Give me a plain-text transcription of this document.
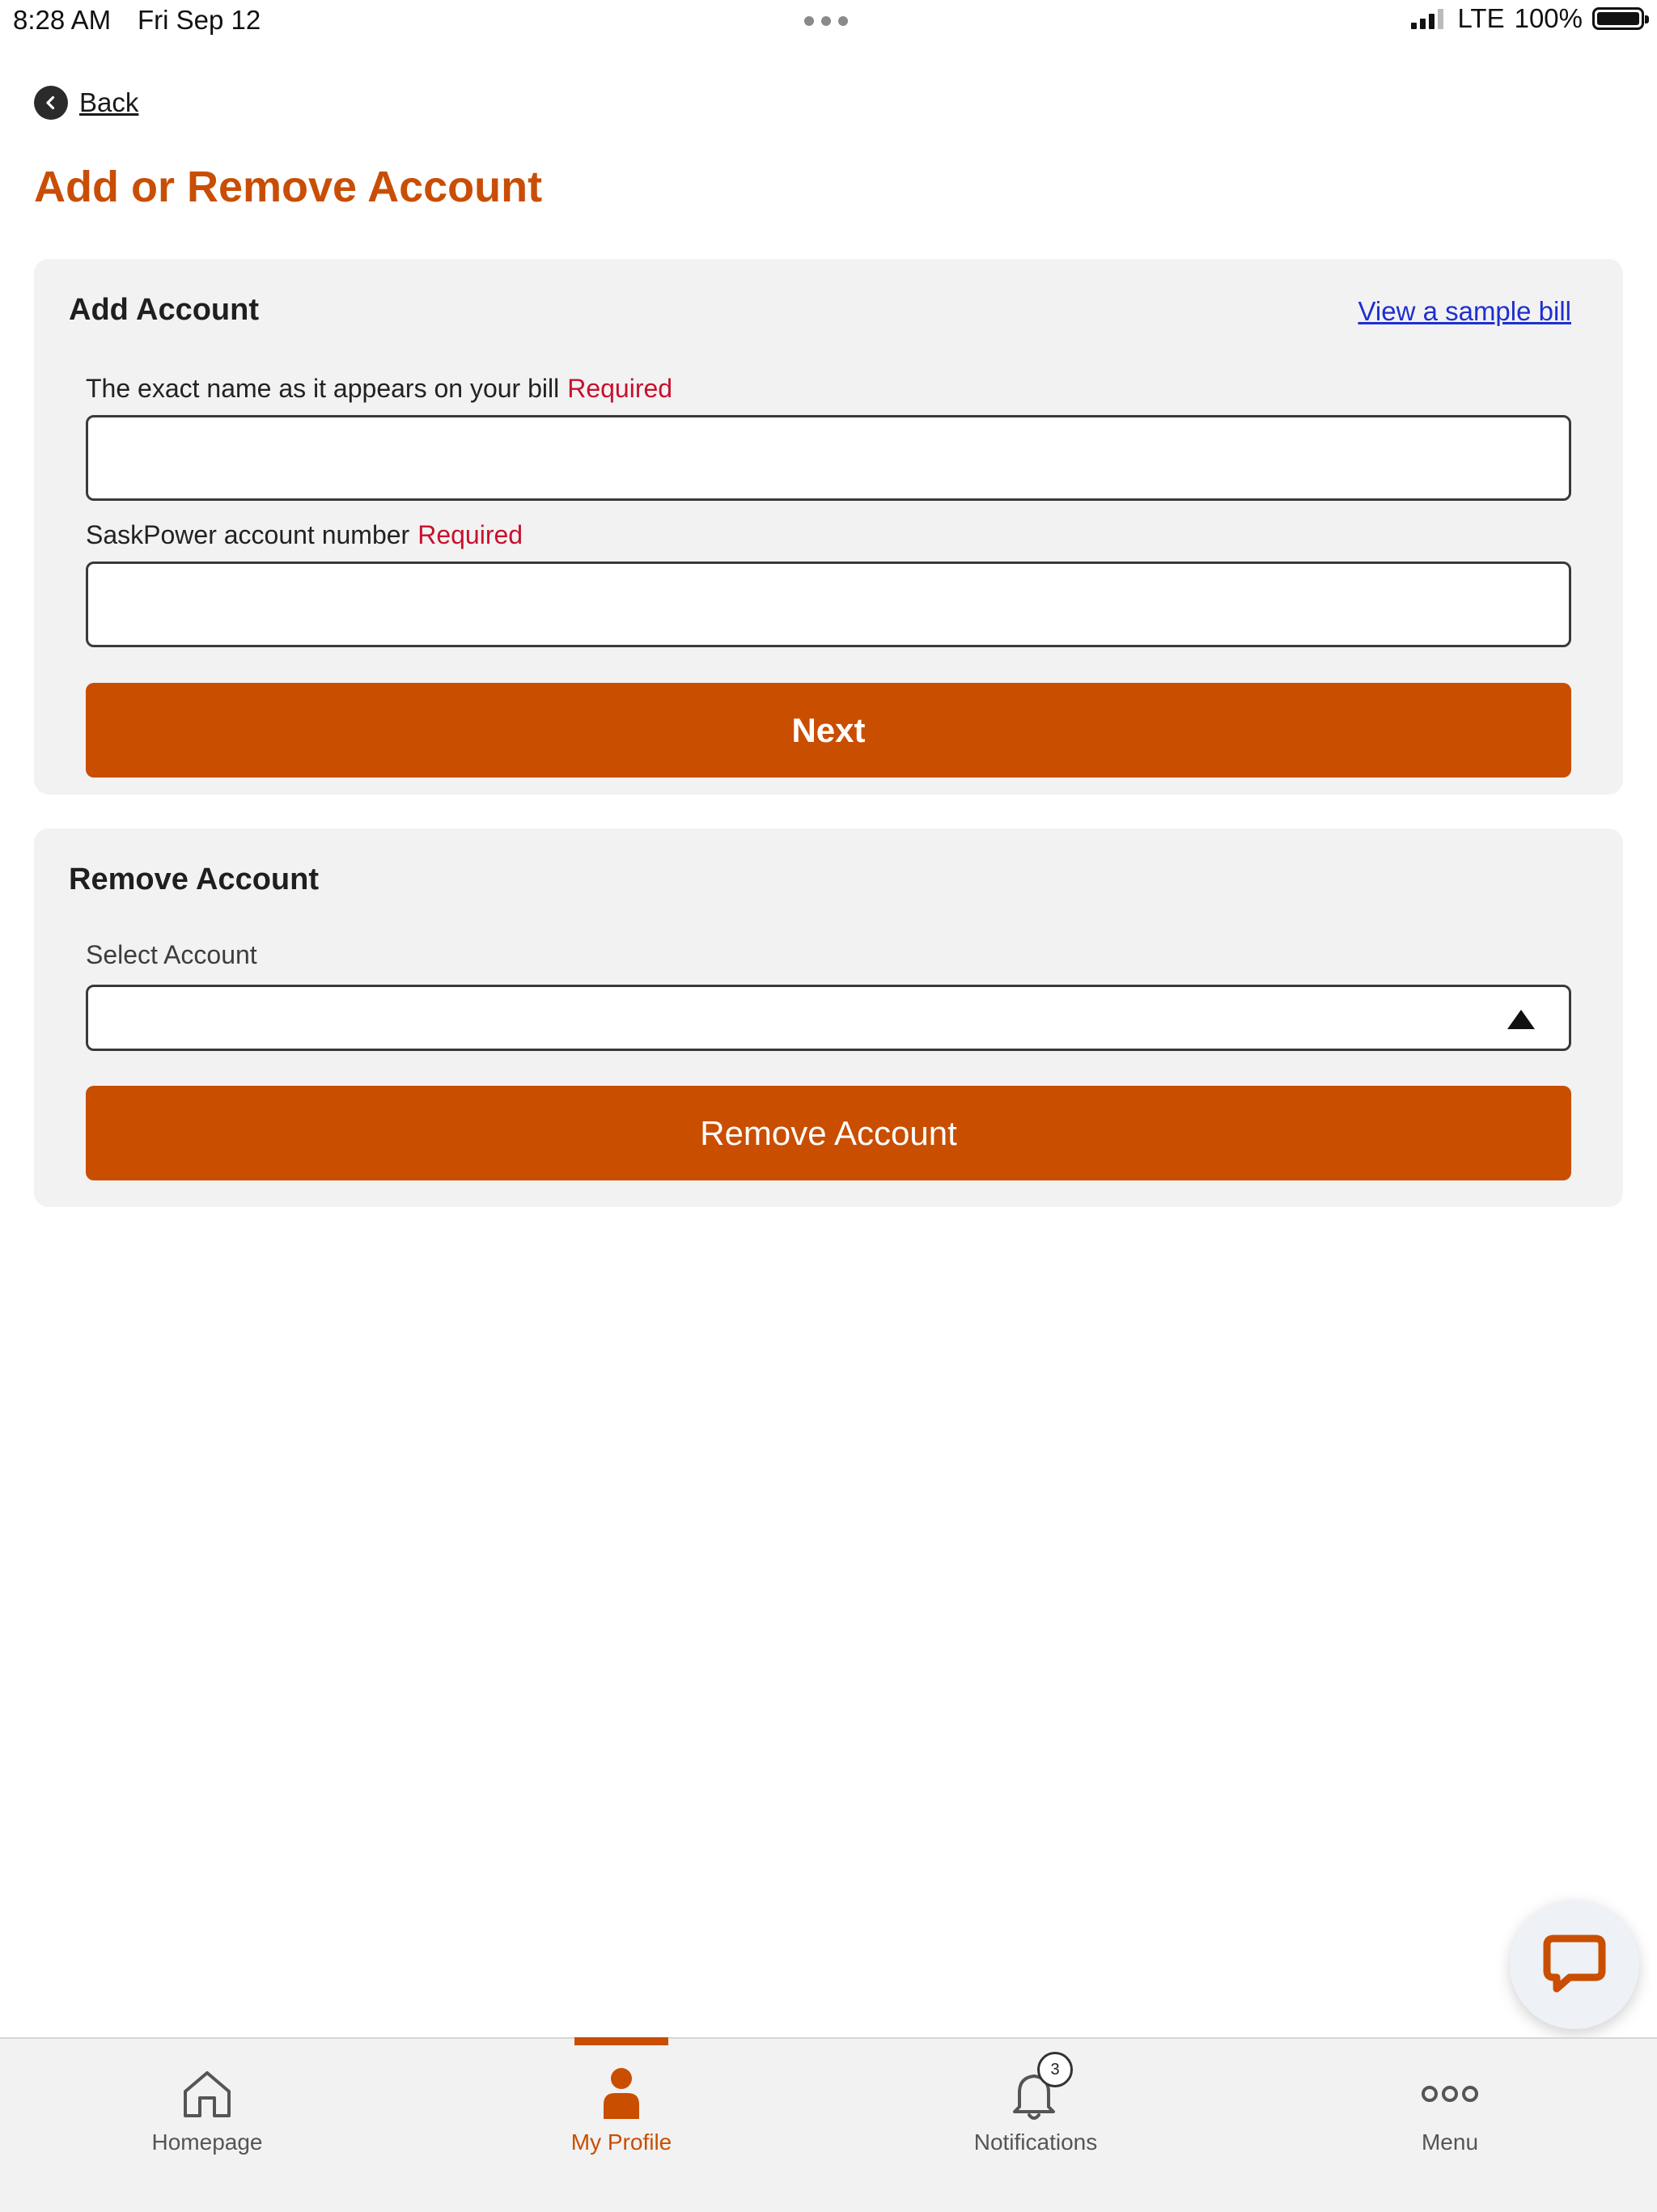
8:28 AM Fri Sep 12	LTE 100%
Back
Add or Remove Account
Add Account	View a sample bill
The exact name as it appears on your bill Required
SaskPower account number Required
Next
Remove Account
Select Account
Remove Account
Homepage	My Profile
3
Notifications	Menu
